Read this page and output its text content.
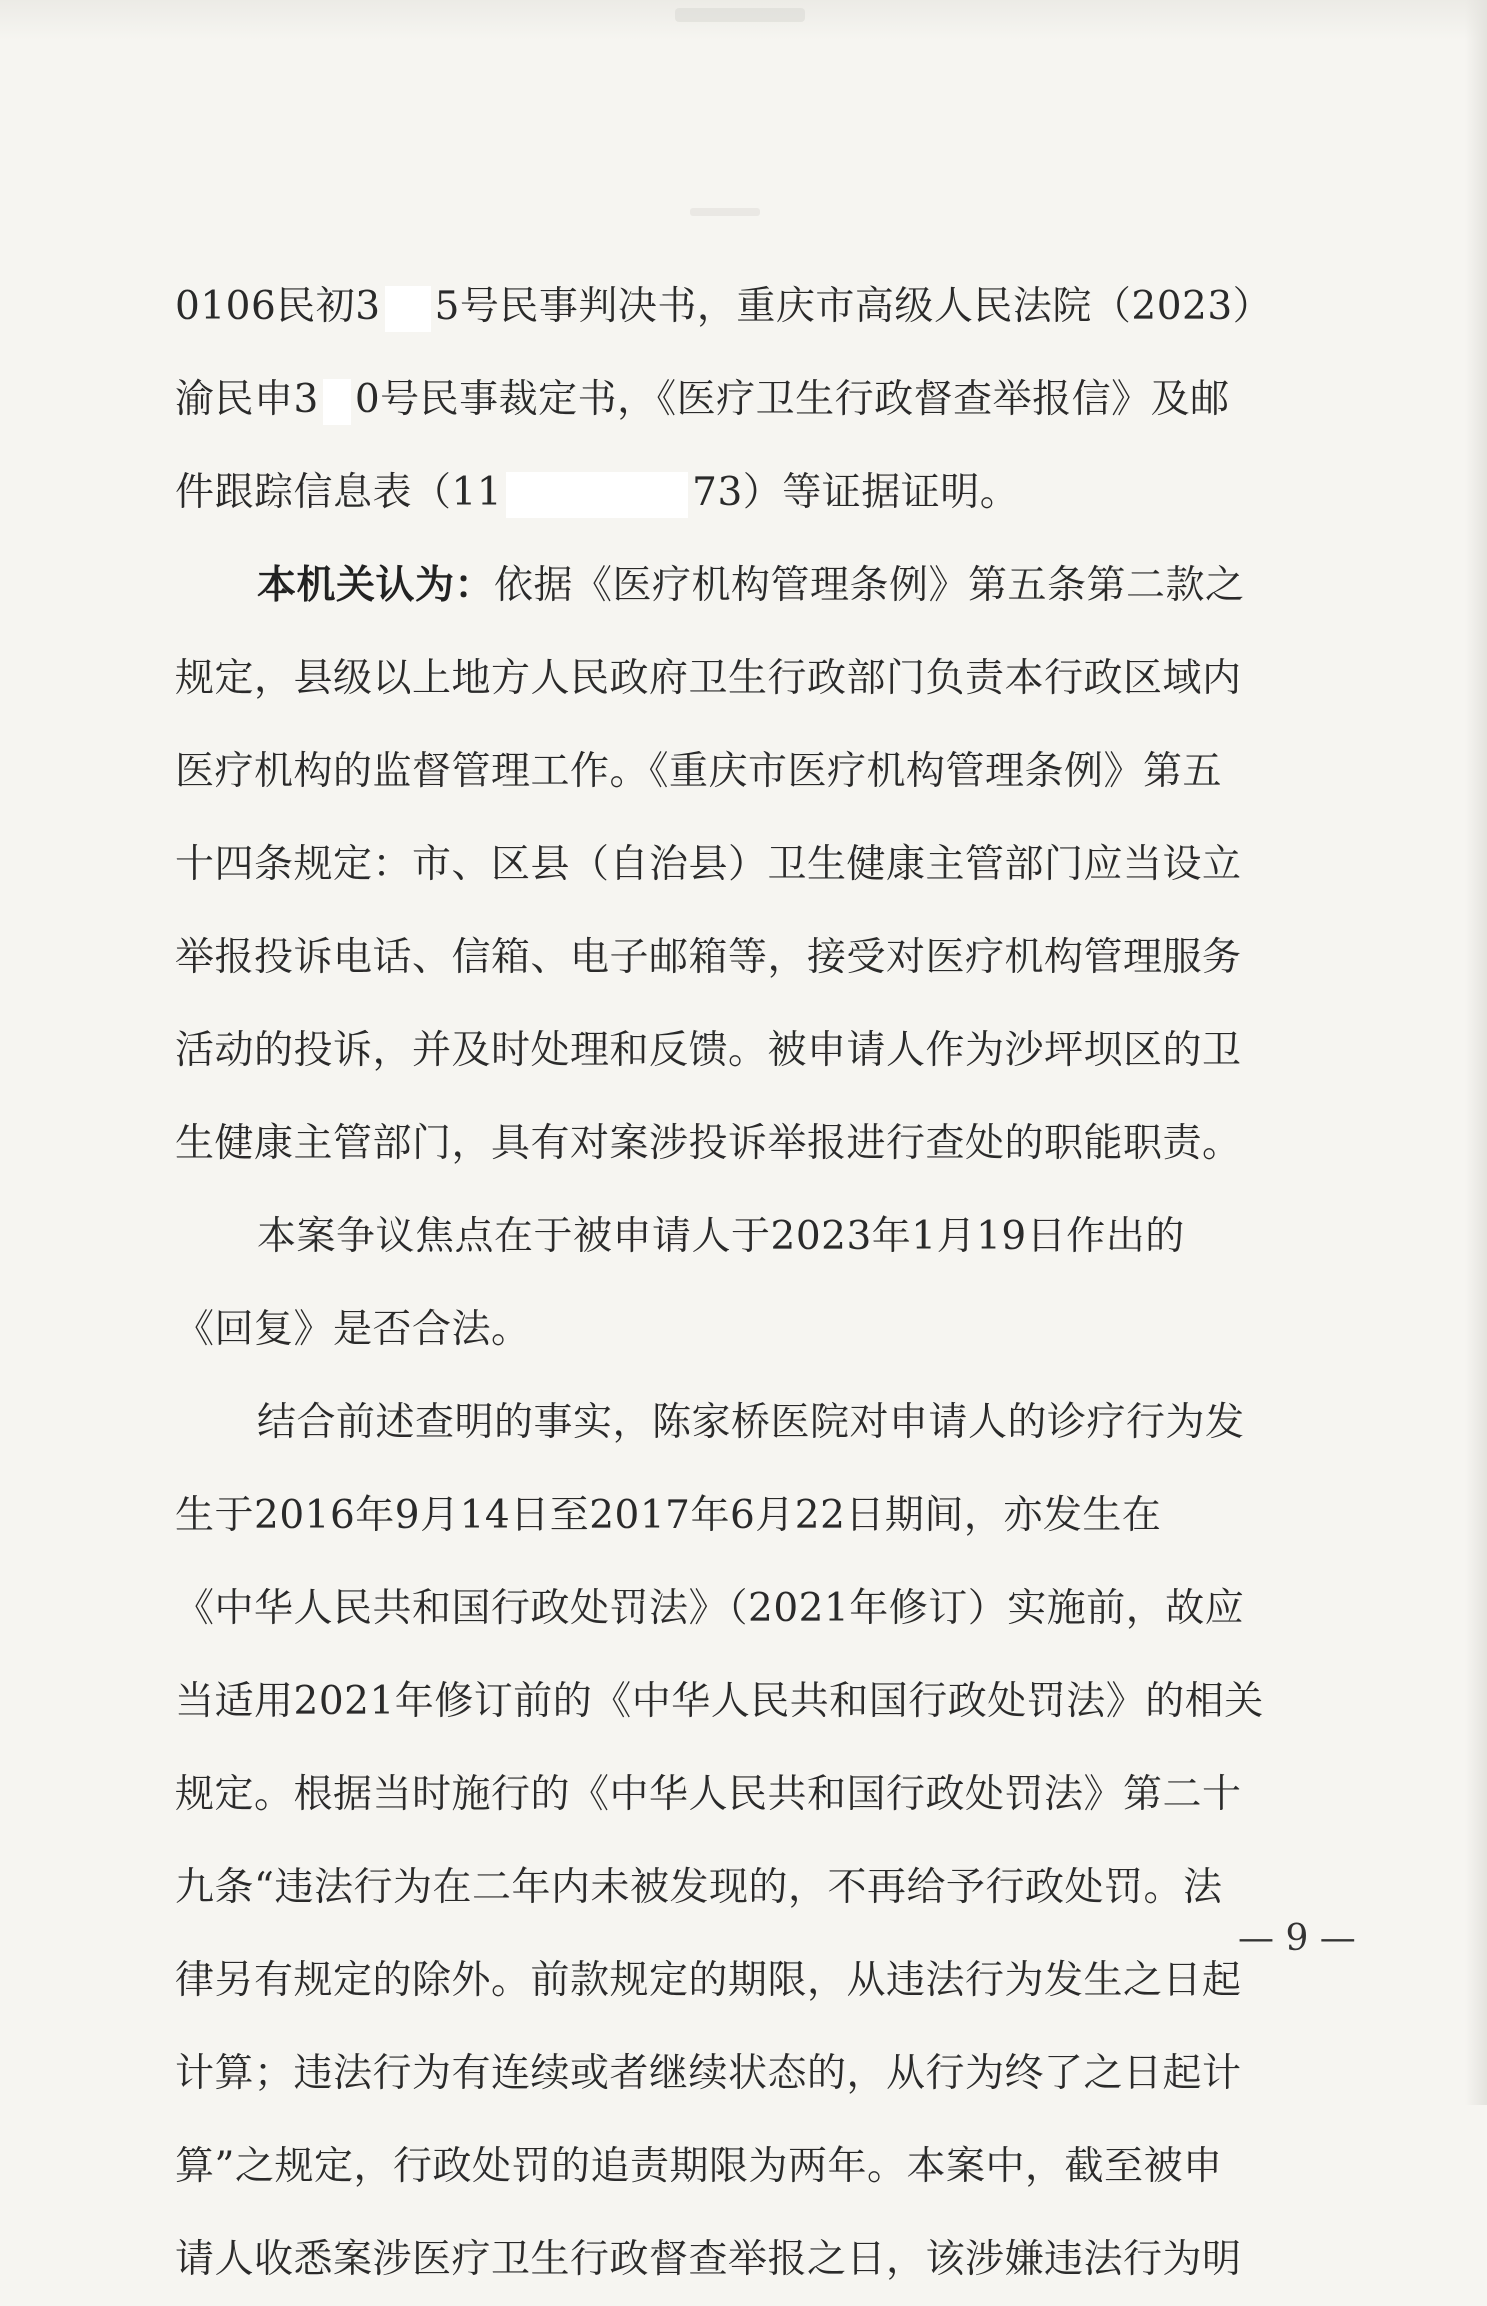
0106民初3 5号民事判决书，重庆市高级人民法院（2023）
渝民申3 0号民事裁定书，《医疗卫生行政督查举报信》及邮
件跟踪信息表（11	73）等证据证明。
本机关认为：依据《医疗机构管理条例》第五条第二款之
规定，县级以上地方人民政府卫生行政部门负责本行政区域内
医疗机构的监督管理工作。《重庆市医疗机构管理条例》第五
十四条规定：市、区县（自治县）卫生健康主管部门应当设立
举报投诉电话、信箱、电子邮箱等，接受对医疗机构管理服务
活动的投诉，并及时处理和反馈。被申请人作为沙坪坝区的卫
生健康主管部门，具有对案涉投诉举报进行查处的职能职责。
本案争议焦点在于被申请人于2023年1月19日作出的
《回复》是否合法。
结合前述查明的事实，陈家桥医院对申请人的诊疗行为发
生于2016年9月14日至2017年6月22日期间，亦发生在
《中华人民共和国行政处罚法》（2021年修订）实施前，故应
当适用2021年修订前的《中华人民共和国行政处罚法》的相关
规定。根据当时施行的《中华人民共和国行政处罚法》第二十
九条“违法行为在二年内未被发现的，不再给予行政处罚。法
律另有规定的除外。前款规定的期限，从违法行为发生之日起
计算；违法行为有连续或者继续状态的，从行为终了之日起计
算”之规定，行政处罚的追责期限为两年。本案中，截至被申
请人收悉案涉医疗卫生行政督查举报之日，该涉嫌违法行为明
— 9 —
